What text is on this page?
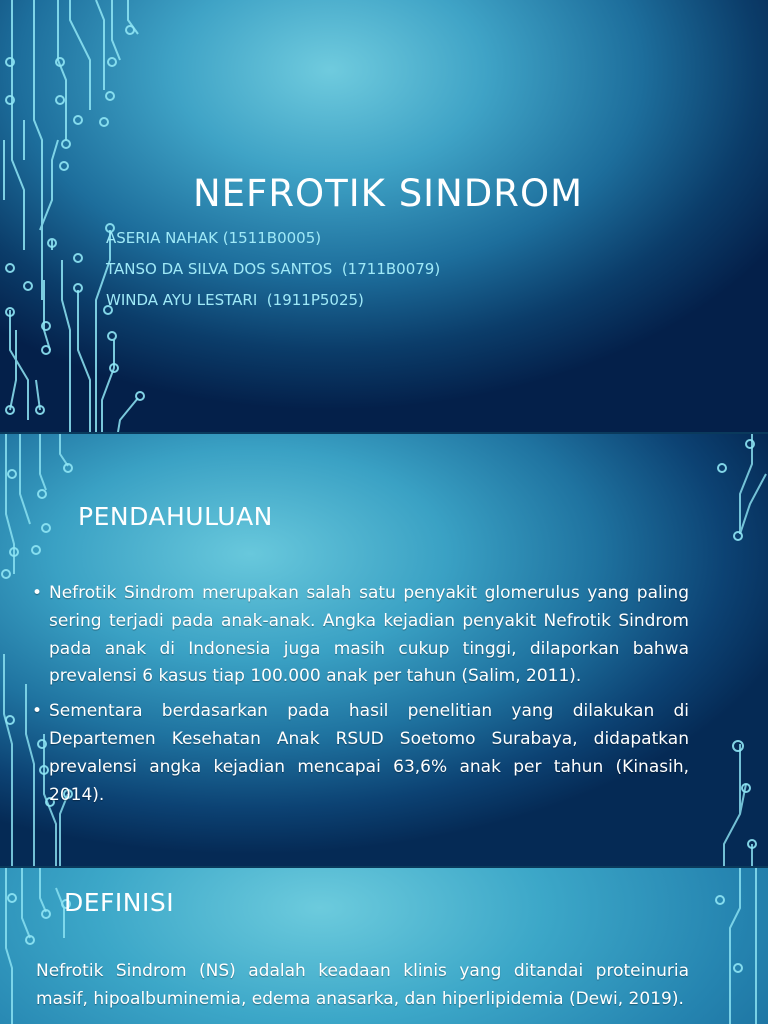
NEFROTIK SINDROM
ASERIA NAHAK (1511B0005)
TANSO DA SILVA DOS SANTOS  (1711B0079)
WINDA AYU LESTARI  (1911P5025)
PENDAHULUAN
• Nefrotik Sindrom merupakan salah satu penyakit glomerulus yang paling sering terjadi pada anak-anak. Angka kejadian penyakit Nefrotik Sindrom pada anak di Indonesia juga masih cukup tinggi, dilaporkan bahwa prevalensi 6 kasus tiap 100.000 anak per tahun (Salim, 2011).
• Sementara berdasarkan pada hasil penelitian yang dilakukan di Departemen Kesehatan Anak RSUD Soetomo Surabaya, didapatkan prevalensi angka kejadian mencapai 63,6% anak per tahun (Kinasih, 2014).
DEFINISI
Nefrotik Sindrom (NS) adalah keadaan klinis yang ditandai proteinuria masif, hipoalbuminemia, edema anasarka, dan hiperlipidemia (Dewi, 2019).
